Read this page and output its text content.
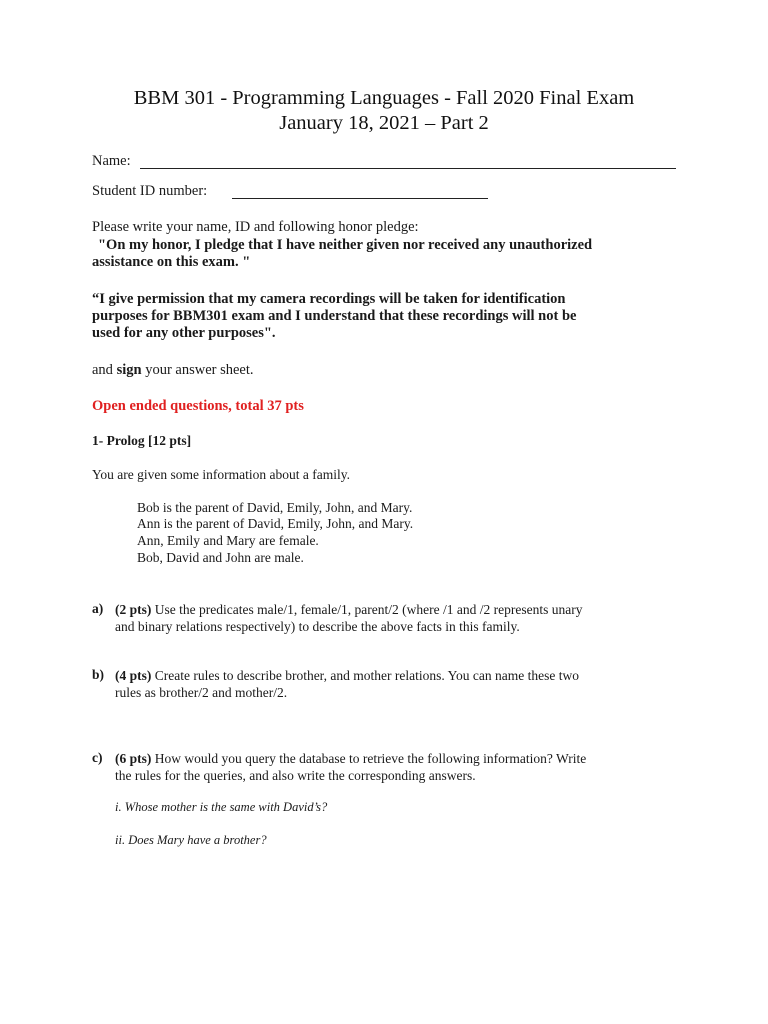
BBM 301 - Programming Languages - Fall 2020 Final Exam
January 18, 2021 – Part 2
Name:
Student ID number:
Please write your name, ID and following honor pledge:
"On my honor, I pledge that I have neither given nor received any unauthorized
assistance on this exam. "
“I give permission that my camera recordings will be taken for identification
purposes for BBM301 exam and I understand that these recordings will not be
used for any other purposes".
and sign your answer sheet.
Open ended questions, total 37 pts
1- Prolog [12 pts]
You are given some information about a family.
Bob is the parent of David, Emily, John, and Mary.
Ann is the parent of David, Emily, John, and Mary.
Ann, Emily and Mary are female.
Bob, David and John are male.
a) (2 pts) Use the predicates male/1, female/1, parent/2 (where /1 and /2 represents unary
and binary relations respectively) to describe the above facts in this family.
b) (4 pts) Create rules to describe brother, and mother relations. You can name these two
rules as brother/2 and mother/2.
c) (6 pts) How would you query the database to retrieve the following information? Write
the rules for the queries, and also write the corresponding answers.
i. Whose mother is the same with David’s?
ii. Does Mary have a brother?
